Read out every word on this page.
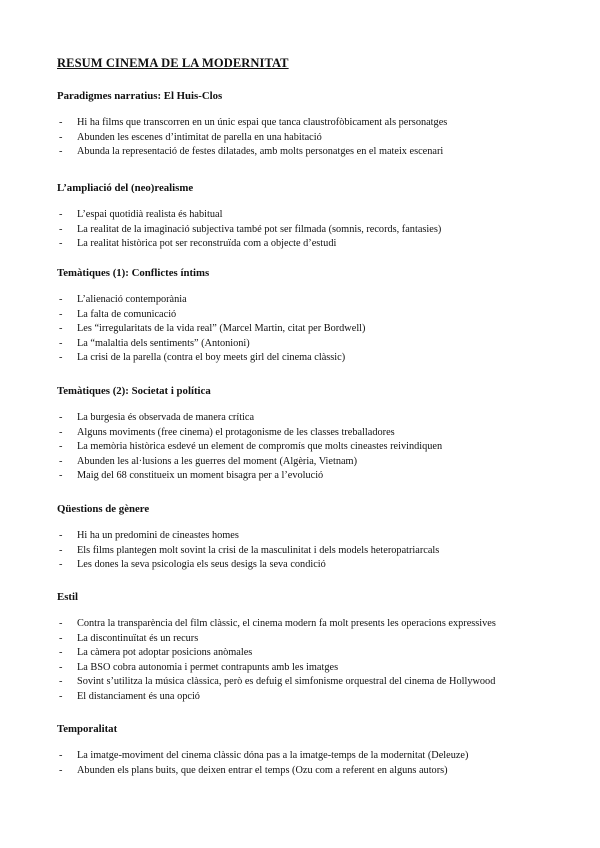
RESUM CINEMA DE LA MODERNITAT
Paradigmes narratius: El Huis-Clos
- Hi ha films que transcorren en un únic espai que tanca claustrofòbicament als personatges
- Abunden les escenes d’intimitat de parella en una habitació
- Abunda la representació de festes dilatades, amb molts personatges en el mateix escenari
L’ampliació del (neo)realisme
- L’espai quotidià realista és habitual
- La realitat de la imaginació subjectiva també pot ser filmada (somnis, records, fantasies)
- La realitat històrica pot ser reconstruïda com a objecte d’estudi
Temàtiques (1): Conflictes íntims
- L’alienació contemporània
- La falta de comunicació
- Les “irregularitats de la vida real” (Marcel Martin, citat per Bordwell)
- La “malaltia dels sentiments” (Antonioni)
- La crisi de la parella (contra el boy meets girl del cinema clàssic)
Temàtiques (2): Societat i política
- La burgesia és observada de manera crítica
- Alguns moviments (free cinema) el protagonisme de les classes treballadores
- La memòria històrica esdevé un element de compromís que molts cineastes reivindiquen
- Abunden les al·lusions a les guerres del moment (Algèria, Vietnam)
- Maig del 68 constitueix un moment bisagra per a l’evolució
Qüestions de gènere
- Hi ha un predomini de cineastes homes
- Els films plantegen molt sovint la crisi de la masculinitat i dels models heteropatriarcals
- Les dones la seva psicologia els seus desigs la seva condició
Estil
- Contra la transparència del film clàssic, el cinema modern fa molt presents les operacions expressives
- La discontinuïtat és un recurs
- La càmera pot adoptar posicions anòmales
- La BSO cobra autonomia i permet contrapunts amb les imatges
- Sovint s’utilitza la música clàssica, però es defuig el simfonisme orquestral del cinema de Hollywood
- El distanciament és una opció
Temporalitat
- La imatge-moviment del cinema clàssic dóna pas a la imatge-temps de la modernitat (Deleuze)
- Abunden els plans buits, que deixen entrar el temps (Ozu com a referent en alguns autors)
